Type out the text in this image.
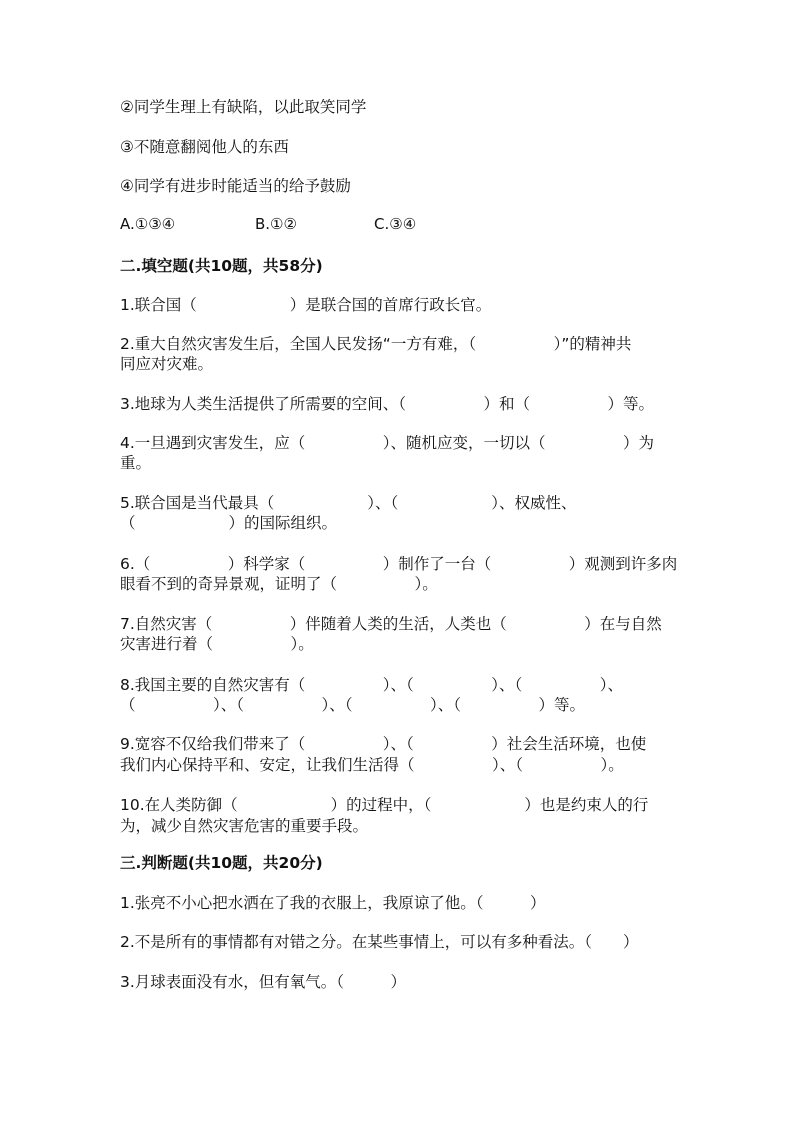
②同学生理上有缺陷，以此取笑同学
③不随意翻阅他人的东西
④同学有进步时能适当的给予鼓励
A.①③④	B.①②	C.③④
二.填空题(共10题，共58分)
1.联合国（　　　　　　）是联合国的首席行政长官。
2.重大自然灾害发生后，全国人民发扬“一方有难，（　　　　　）”的精神共
同应对灾难。
3.地球为人类生活提供了所需要的空间、（　　　　　）和（　　　　　）等。
4.一旦遇到灾害发生，应（　　　　　）、随机应变，一切以（　　　　　）为
重。
5.联合国是当代最具（　　　　　　）、（　　　　　　）、权威性、
（　　　　　　）的国际组织。
6.（　　　　　）科学家（　　　　　）制作了一台（　　　　　）观测到许多肉
眼看不到的奇异景观，证明了（　　　　　）。
7.自然灾害（　　　　　）伴随着人类的生活，人类也（　　　　　）在与自然
灾害进行着（　　　　　）。
8.我国主要的自然灾害有（　　　　　）、（　　　　　）、（　　　　　）、
（　　　　　）、（　　　　　）、（　　　　　）、（　　　　　）等。
9.宽容不仅给我们带来了（　　　　　）、（　　　　　）社会生活环境，也使
我们内心保持平和、安定，让我们生活得（　　　　　）、（　　　　　）。
10.在人类防御（　　　　　　）的过程中，（　　　　　　）也是约束人的行
为，减少自然灾害危害的重要手段。
三.判断题(共10题，共20分)
1.张亮不小心把水洒在了我的衣服上，我原谅了他。（　　　）
2.不是所有的事情都有对错之分。在某些事情上，可以有多种看法。（　　）
3.月球表面没有水，但有氧气。（　　　）
